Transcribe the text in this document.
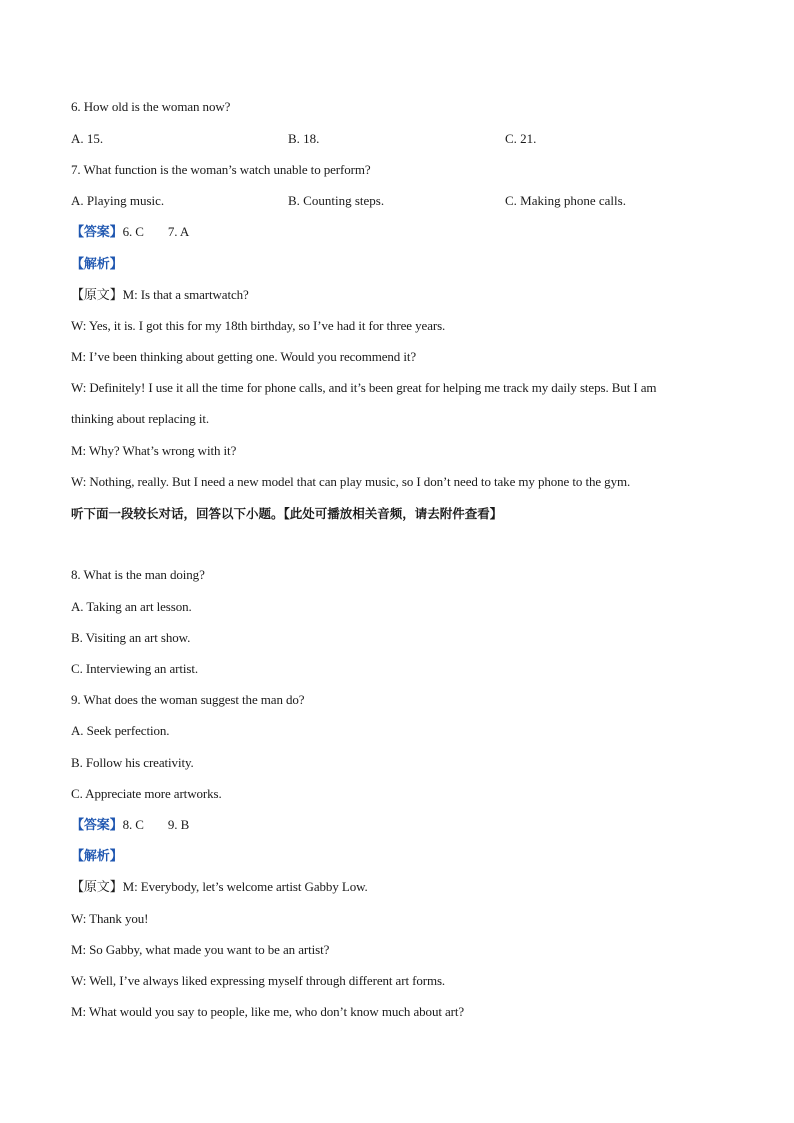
6. How old is the woman now?
A. 15.	B. 18.	C. 21.
7. What function is the woman’s watch unable to perform?
A. Playing music.	B. Counting steps.	C. Making phone calls.
【答案】6. C 7. A
【解析】
【原文】M: Is that a smartwatch?
W: Yes, it is. I got this for my 18th birthday, so I’ve had it for three years.
M: I’ve been thinking about getting one. Would you recommend it?
W: Definitely! I use it all the time for phone calls, and it’s been great for helping me track my daily steps. But I am
thinking about replacing it.
M: Why? What’s wrong with it?
W: Nothing, really. But I need a new model that can play music, so I don’t need to take my phone to the gym.
听下面一段较长对话，回答以下小题。【此处可播放相关音频，请去附件查看】
8. What is the man doing?
A. Taking an art lesson.
B. Visiting an art show.
C. Interviewing an artist.
9. What does the woman suggest the man do?
A. Seek perfection.
B. Follow his creativity.
C. Appreciate more artworks.
【答案】8. C 9. B
【解析】
【原文】M: Everybody, let’s welcome artist Gabby Low.
W: Thank you!
M: So Gabby, what made you want to be an artist?
W: Well, I’ve always liked expressing myself through different art forms.
M: What would you say to people, like me, who don’t know much about art?
